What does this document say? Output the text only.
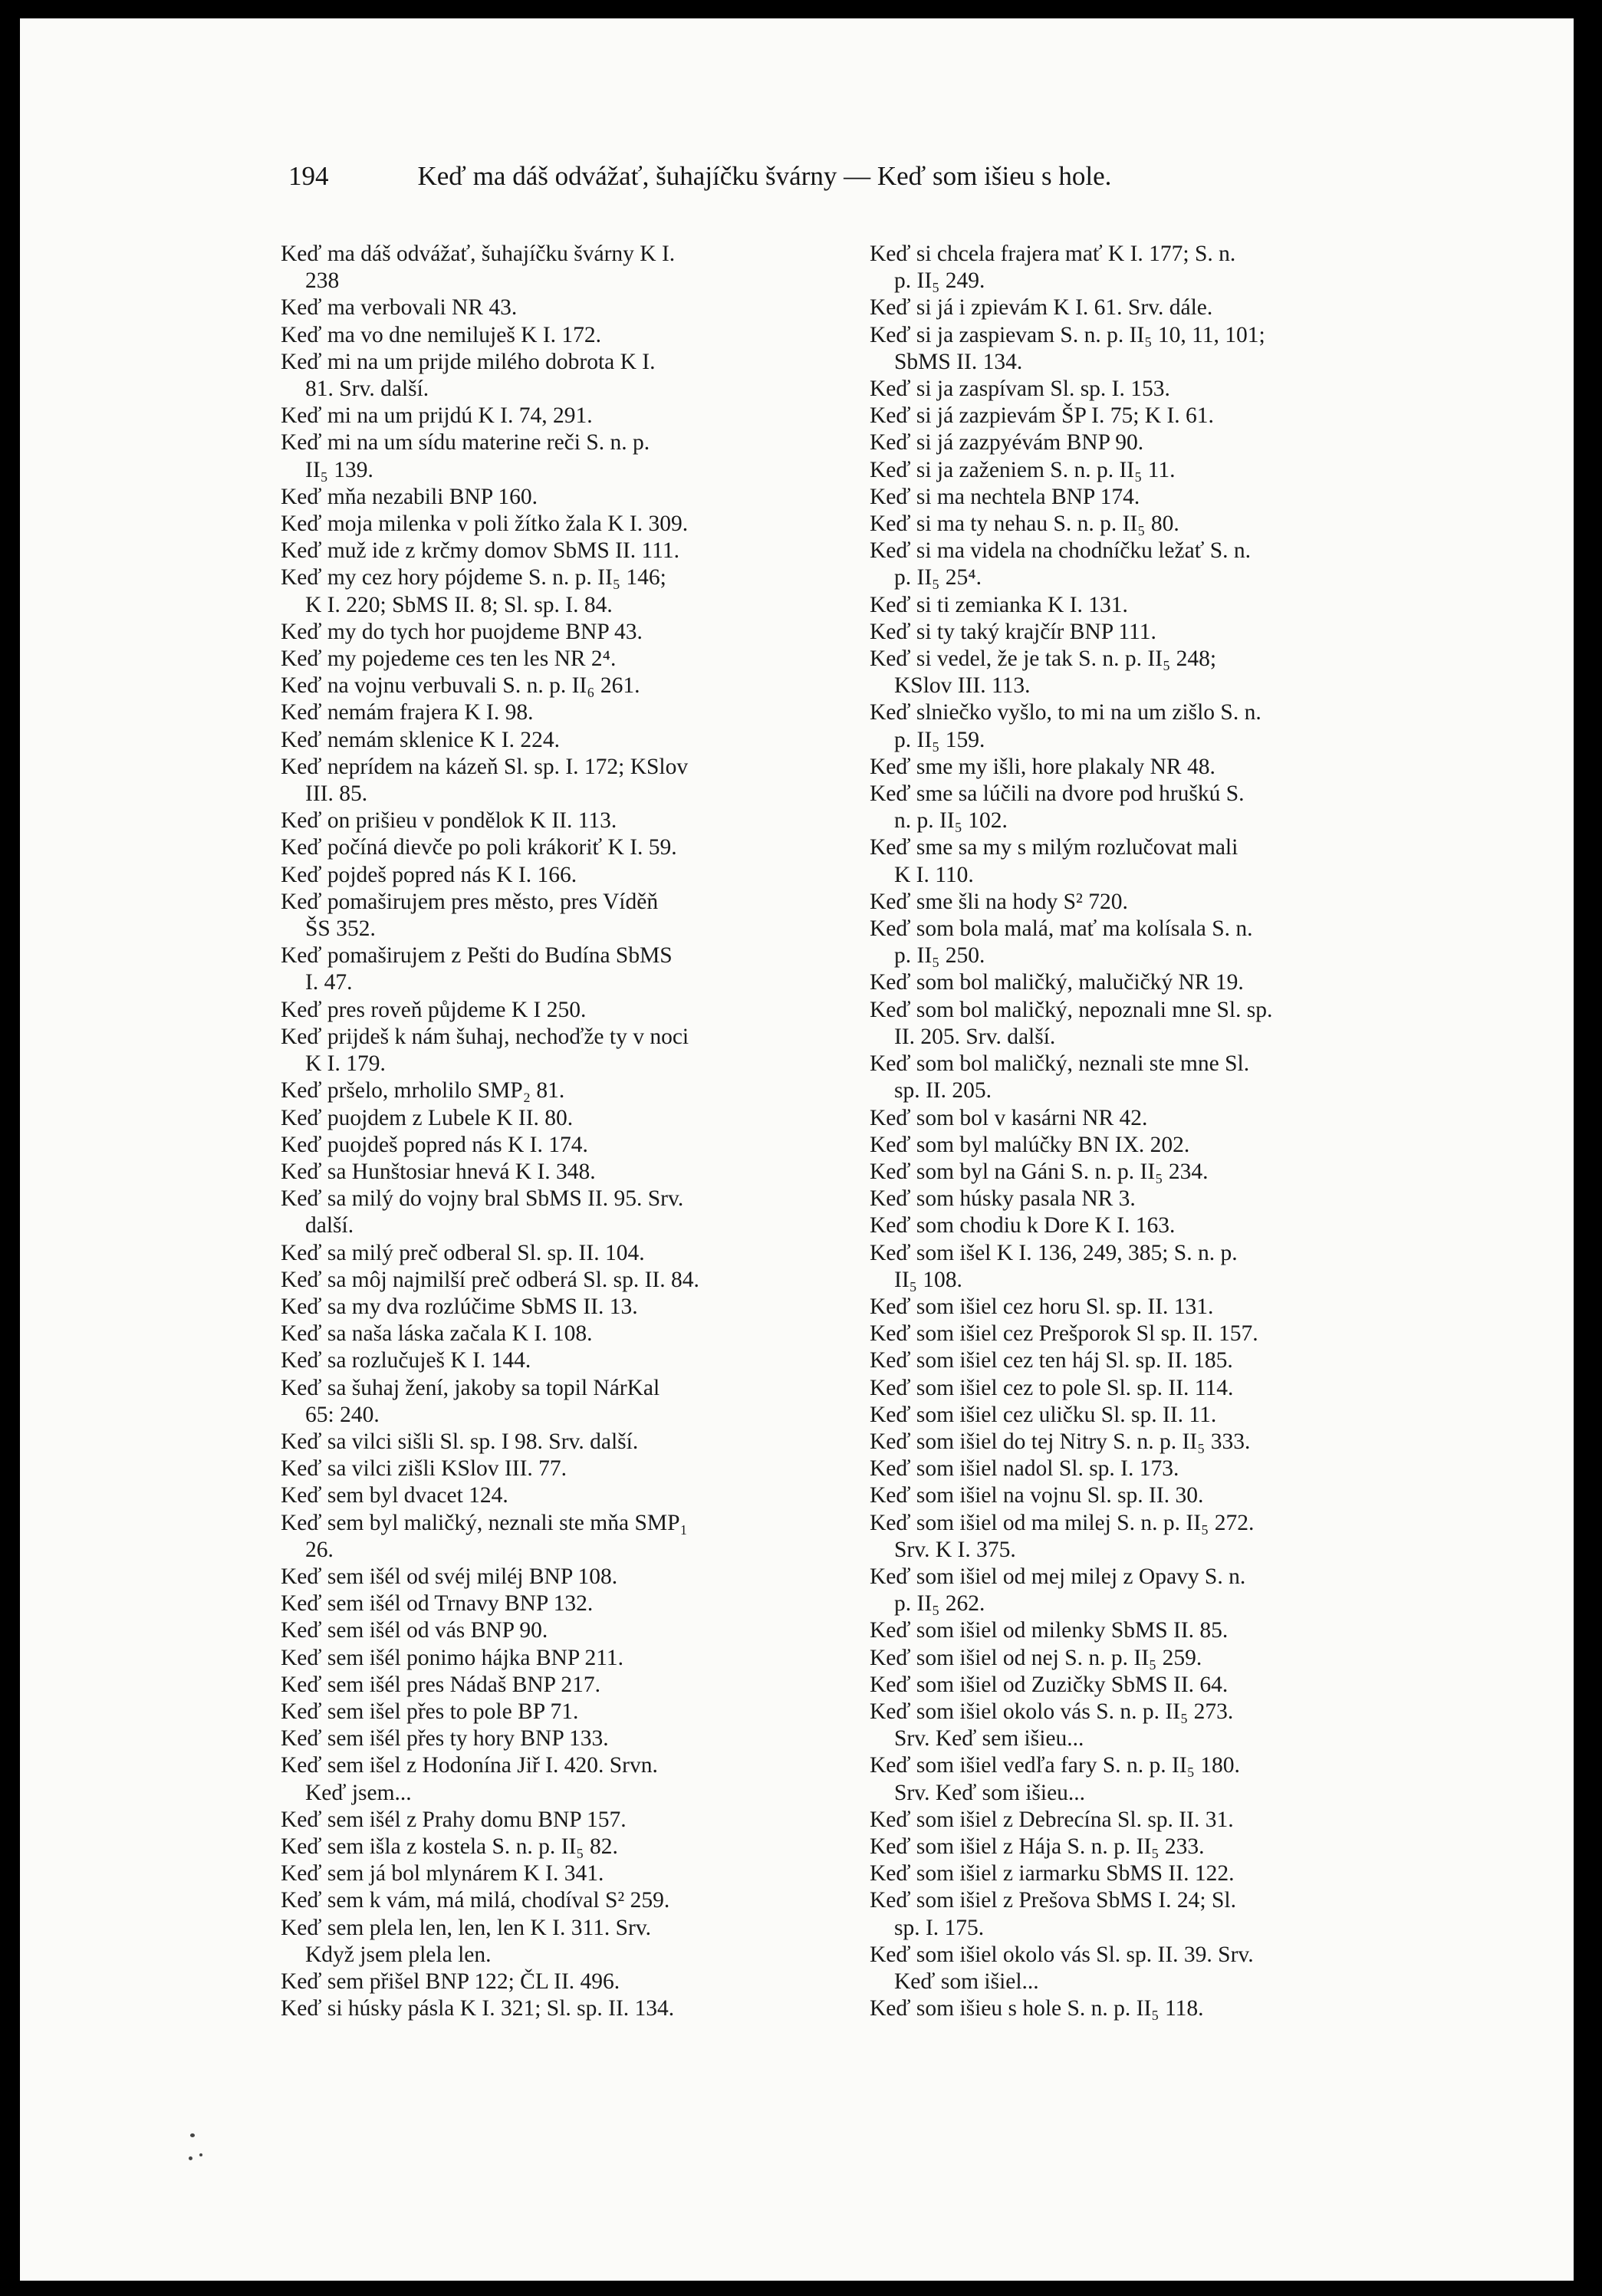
194	Keď ma dáš odvážať, šuhajíčku švárny — Keď som išieu s hole.
Keď ma dáš odvážať, šuhajíčku švárny K I.
238
Keď ma verbovali NR 43.
Keď ma vo dne nemiluješ K I. 172.
Keď mi na um prijde milého dobrota K I.
81. Srv. další.
Keď mi na um prijdú K I. 74, 291.
Keď mi na um sídu materine reči S. n. p.
II₅ 139.
Keď mňa nezabili BNP 160.
Keď moja milenka v poli žítko žala K I. 309.
Keď muž ide z krčmy domov SbMS II. 111.
Keď my cez hory pójdeme S. n. p. II₅ 146;
K I. 220; SbMS II. 8; Sl. sp. I. 84.
Keď my do tych hor puojdeme BNP 43.
Keď my pojedeme ces ten les NR 2⁴.
Keď na vojnu verbuvali S. n. p. II₆ 261.
Keď nemám frajera K I. 98.
Keď nemám sklenice K I. 224.
Keď neprídem na kázeň Sl. sp. I. 172; KSlov
III. 85.
Keď on prišieu v pondělok K II. 113.
Keď počíná dievče po poli krákoriť K I. 59.
Keď pojdeš popred nás K I. 166.
Keď pomaširujem pres město, pres Víděň
ŠS 352.
Keď pomaširujem z Pešti do Budína SbMS
I. 47.
Keď pres roveň půjdeme K I 250.
Keď prijdeš k nám šuhaj, nechoďže ty v noci
K I. 179.
Keď pršelo, mrholilo SMP₂ 81.
Keď puojdem z Lubele K II. 80.
Keď puojdeš popred nás K I. 174.
Keď sa Hunštosiar hnevá K I. 348.
Keď sa milý do vojny bral SbMS II. 95. Srv.
další.
Keď sa milý preč odberal Sl. sp. II. 104.
Keď sa môj najmilší preč odberá Sl. sp. II. 84.
Keď sa my dva rozlúčime SbMS II. 13.
Keď sa naša láska začala K I. 108.
Keď sa rozlučuješ K I. 144.
Keď sa šuhaj žení, jakoby sa topil NárKal
65: 240.
Keď sa vilci sišli Sl. sp. I 98. Srv. další.
Keď sa vilci zišli KSlov III. 77.
Keď sem byl dvacet 124.
Keď sem byl maličký, neznali ste mňa SMP₁
26.
Keď sem išél od svéj miléj BNP 108.
Keď sem išél od Trnavy BNP 132.
Keď sem išél od vás BNP 90.
Keď sem išél ponimo hájka BNP 211.
Keď sem išél pres Nádaš BNP 217.
Keď sem išel přes to pole BP 71.
Keď sem išél přes ty hory BNP 133.
Keď sem išel z Hodonína Jiř I. 420. Srvn.
Keď jsem...
Keď sem išél z Prahy domu BNP 157.
Keď sem išla z kostela S. n. p. II₅ 82.
Keď sem já bol mlynárem K I. 341.
Keď sem k vám, má milá, chodíval S² 259.
Keď sem plela len, len, len K I. 311. Srv.
Když jsem plela len.
Keď sem přišel BNP 122; ČL II. 496.
Keď si húsky pásla K I. 321; Sl. sp. II. 134.
Keď si chcela frajera mať K I. 177; S. n.
p. II₅ 249.
Keď si já i zpievám K I. 61. Srv. dále.
Keď si ja zaspievam S. n. p. II₅ 10, 11, 101;
SbMS II. 134.
Keď si ja zaspívam Sl. sp. I. 153.
Keď si já zazpievám ŠP I. 75; K I. 61.
Keď si já zazpyévám BNP 90.
Keď si ja zaženiem S. n. p. II₅ 11.
Keď si ma nechtela BNP 174.
Keď si ma ty nehau S. n. p. II₅ 80.
Keď si ma videla na chodníčku ležať S. n.
p. II₅ 25⁴.
Keď si ti zemianka K I. 131.
Keď si ty taký krajčír BNP 111.
Keď si vedel, že je tak S. n. p. II₅ 248;
KSlov III. 113.
Keď slniečko vyšlo, to mi na um zišlo S. n.
p. II₅ 159.
Keď sme my išli, hore plakaly NR 48.
Keď sme sa lúčili na dvore pod hruškú S.
n. p. II₅ 102.
Keď sme sa my s milým rozlučovat mali
K I. 110.
Keď sme šli na hody S² 720.
Keď som bola malá, mať ma kolísala S. n.
p. II₅ 250.
Keď som bol maličký, malučičký NR 19.
Keď som bol maličký, nepoznali mne Sl. sp.
II. 205. Srv. další.
Keď som bol maličký, neznali ste mne Sl.
sp. II. 205.
Keď som bol v kasárni NR 42.
Keď som byl malúčky BN IX. 202.
Keď som byl na Gáni S. n. p. II₅ 234.
Keď som húsky pasala NR 3.
Keď som chodiu k Dore K I. 163.
Keď som išel K I. 136, 249, 385; S. n. p.
II₅ 108.
Keď som išiel cez horu Sl. sp. II. 131.
Keď som išiel cez Prešporok Sl sp. II. 157.
Keď som išiel cez ten háj Sl. sp. II. 185.
Keď som išiel cez to pole Sl. sp. II. 114.
Keď som išiel cez uličku Sl. sp. II. 11.
Keď som išiel do tej Nitry S. n. p. II₅ 333.
Keď som išiel nadol Sl. sp. I. 173.
Keď som išiel na vojnu Sl. sp. II. 30.
Keď som išiel od ma milej S. n. p. II₅ 272.
Srv. K I. 375.
Keď som išiel od mej milej z Opavy S. n.
p. II₅ 262.
Keď som išiel od milenky SbMS II. 85.
Keď som išiel od nej S. n. p. II₅ 259.
Keď som išiel od Zuzičky SbMS II. 64.
Keď som išiel okolo vás S. n. p. II₅ 273.
Srv. Keď sem išieu...
Keď som išiel vedľa fary S. n. p. II₅ 180.
Srv. Keď som išieu...
Keď som išiel z Debrecína Sl. sp. II. 31.
Keď som išiel z Hája S. n. p. II₅ 233.
Keď som išiel z iarmarku SbMS II. 122.
Keď som išiel z Prešova SbMS I. 24; Sl.
sp. I. 175.
Keď som išiel okolo vás Sl. sp. II. 39. Srv.
Keď som išiel...
Keď som išieu s hole S. n. p. II₅ 118.
